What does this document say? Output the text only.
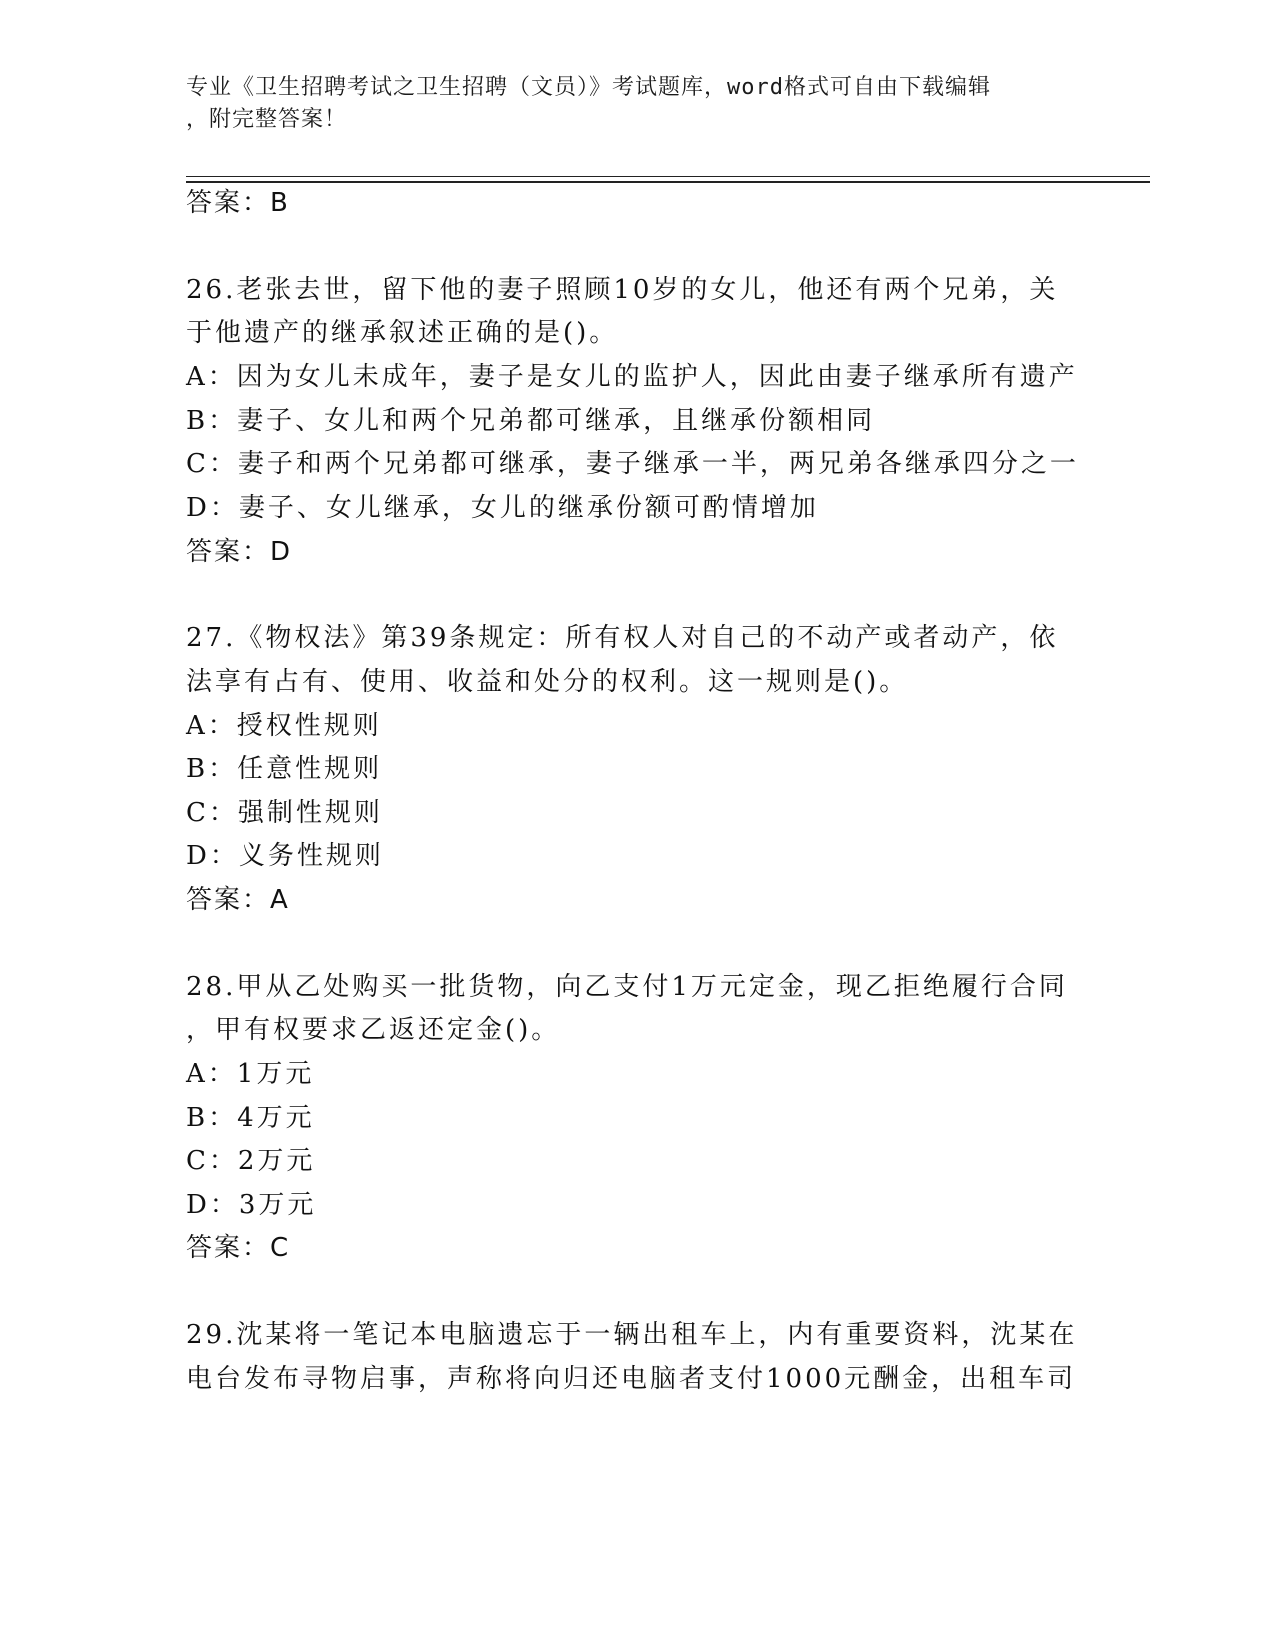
专业《卫生招聘考试之卫生招聘（文员）》考试题库，word格式可自由下载编辑
，附完整答案！
答案：B
26.老张去世，留下他的妻子照顾10岁的女儿，他还有两个兄弟，关
于他遗产的继承叙述正确的是()。
A：因为女儿未成年，妻子是女儿的监护人，因此由妻子继承所有遗产
B：妻子、女儿和两个兄弟都可继承，且继承份额相同
C：妻子和两个兄弟都可继承，妻子继承一半，两兄弟各继承四分之一
D：妻子、女儿继承，女儿的继承份额可酌情增加
答案：D
27.《物权法》第39条规定：所有权人对自己的不动产或者动产，依
法享有占有、使用、收益和处分的权利。这一规则是()。
A：授权性规则
B：任意性规则
C：强制性规则
D：义务性规则
答案：A
28.甲从乙处购买一批货物，向乙支付1万元定金，现乙拒绝履行合同
，甲有权要求乙返还定金()。
A：1万元
B：4万元
C：2万元
D：3万元
答案：C
29.沈某将一笔记本电脑遗忘于一辆出租车上，内有重要资料，沈某在
电台发布寻物启事，声称将向归还电脑者支付1000元酬金，出租车司
